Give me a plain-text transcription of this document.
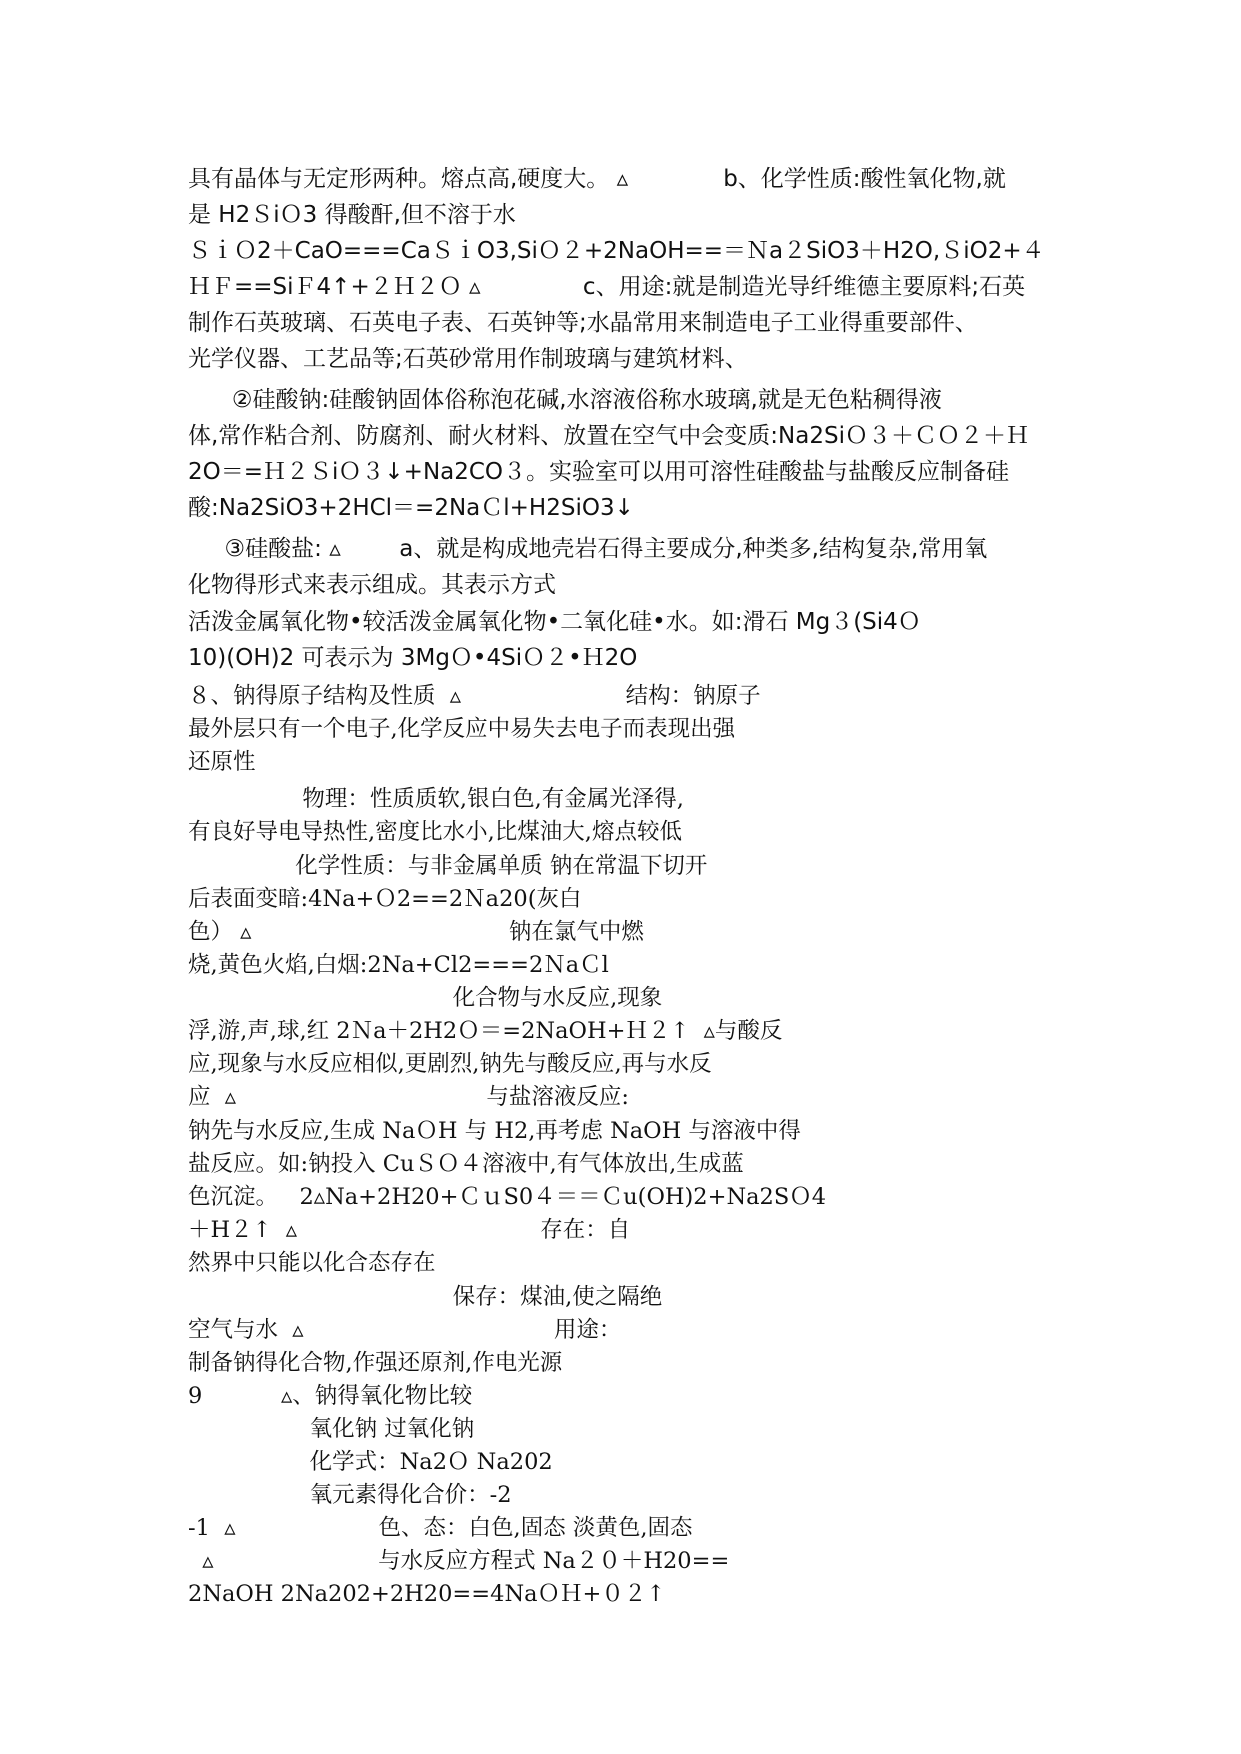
具有晶体与无定形两种。熔点高,硬度大。 ▵             b、化学性质:酸性氧化物,就
是 H2ＳiＯ3 得酸酐,但不溶于水
ＳｉＯ2＋CaO===CaＳｉO3,SiＯ２+2NaOH==＝Ｎa２SiO3＋H2O,ＳiO2+４
ＨＦ==SiＦ4↑+２Ｈ２Ｏ ▵              c、用途:就是制造光导纤维德主要原料;石英
制作石英玻璃、石英电子表、石英钟等;水晶常用来制造电子工业得重要部件、
光学仪器、工艺品等;石英砂常用作制玻璃与建筑材料、
②硅酸钠:硅酸钠固体俗称泡花碱,水溶液俗称水玻璃,就是无色粘稠得液
体,常作粘合剂、防腐剂、耐火材料、放置在空气中会变质:Na2SiＯ３＋ＣＯ２＋Ｈ
2O＝=Ｈ２ＳiＯ３↓+Na2CO３。实验室可以用可溶性硅酸盐与盐酸反应制备硅
酸:Na2SiO3+2HCl＝=2NaＣl+H2SiO3↓
③硅酸盐: ▵        a、就是构成地壳岩石得主要成分,种类多,结构复杂,常用氧
化物得形式来表示组成。其表示方式
活泼金属氧化物•较活泼金属氧化物•二氧化硅•水。如:滑石 Mg３(Si4Ｏ
10)(OH)2 可表示为 3MgＯ•4SiＯ２•Ｈ2O
８、钠得原子结构及性质  ▵                       结构：钠原子
最外层只有一个电子,化学反应中易失去电子而表现出强
还原性
物理：性质质软,银白色,有金属光泽得,
有良好导电导热性,密度比水小,比煤油大,熔点较低
化学性质：与非金属单质 钠在常温下切开
后表面变暗:4Na+Ｏ2==2Ｎa20(灰白
色） ▵                                    钠在氯气中燃
烧,黄色火焰,白烟:2Na+Cl2===2ＮaＣl
化合物与水反应,现象
浮,游,声,球,红 2Ｎa＋2H2Ｏ＝=2NaOH+Ｈ２↑  ▵与酸反
应,现象与水反应相似,更剧烈,钠先与酸反应,再与水反
应  ▵                                   与盐溶液反应:
钠先与水反应,生成 NaＯH 与 H2,再考虑 NaOH 与溶液中得
盐反应。如:钠投入 CuＳＯ４溶液中,有气体放出,生成蓝
色沉淀。   2▵Na+2H20+ＣｕS0４＝＝Ｃu(OH)2+Na2SＯ4
＋H２↑  ▵                                  存在：自
然界中只能以化合态存在
保存：煤油,使之隔绝
空气与水  ▵                                   用途：
制备钠得化合物,作强还原剂,作电光源
9           ▵、钠得氧化物比较
氧化钠 过氧化钠
化学式：Na2Ｏ Na202
氧元素得化合价：-2
-1  ▵                    色、态：白色,固态 淡黄色,固态
▵                       与水反应方程式 Na２０＋H20==
2NaOH 2Na202+2H20==4NaＯＨ+０２↑
